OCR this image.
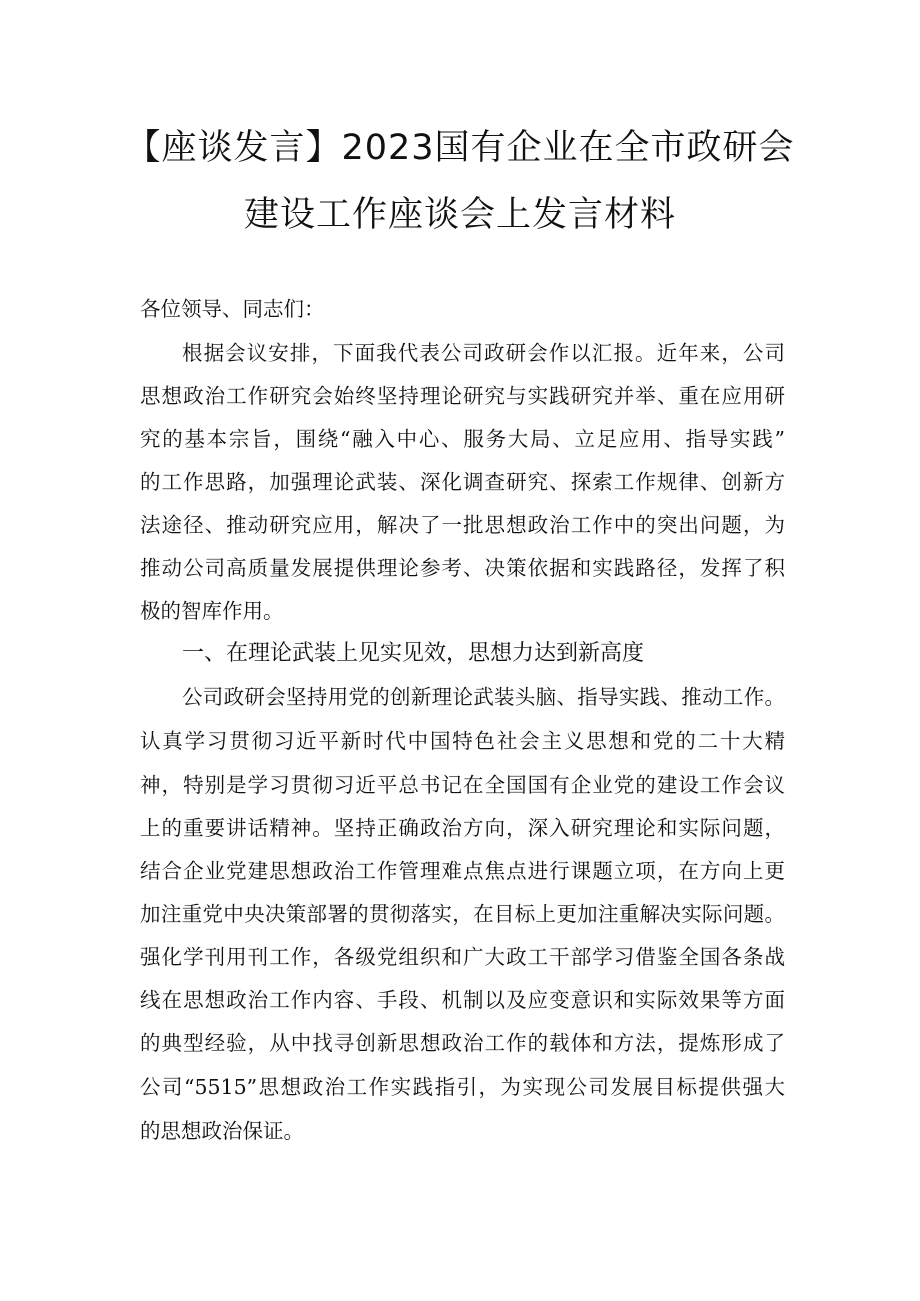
【座谈发言】2023国有企业在全市政研会
建设工作座谈会上发言材料
各位领导、同志们：
根据会议安排，下面我代表公司政研会作以汇报。近年来，公司
思想政治工作研究会始终坚持理论研究与实践研究并举、重在应用研
究的基本宗旨，围绕“融入中心、服务大局、立足应用、指导实践”
的工作思路，加强理论武装、深化调查研究、探索工作规律、创新方
法途径、推动研究应用，解决了一批思想政治工作中的突出问题，为
推动公司高质量发展提供理论参考、决策依据和实践路径，发挥了积
极的智库作用。
一、在理论武装上见实见效，思想力达到新高度
公司政研会坚持用党的创新理论武装头脑、指导实践、推动工作。
认真学习贯彻习近平新时代中国特色社会主义思想和党的二十大精
神，特别是学习贯彻习近平总书记在全国国有企业党的建设工作会议
上的重要讲话精神。坚持正确政治方向，深入研究理论和实际问题，
结合企业党建思想政治工作管理难点焦点进行课题立项，在方向上更
加注重党中央决策部署的贯彻落实，在目标上更加注重解决实际问题。
强化学刊用刊工作，各级党组织和广大政工干部学习借鉴全国各条战
线在思想政治工作内容、手段、机制以及应变意识和实际效果等方面
的典型经验，从中找寻创新思想政治工作的载体和方法，提炼形成了
公司“5515”思想政治工作实践指引，为实现公司发展目标提供强大
的思想政治保证。
